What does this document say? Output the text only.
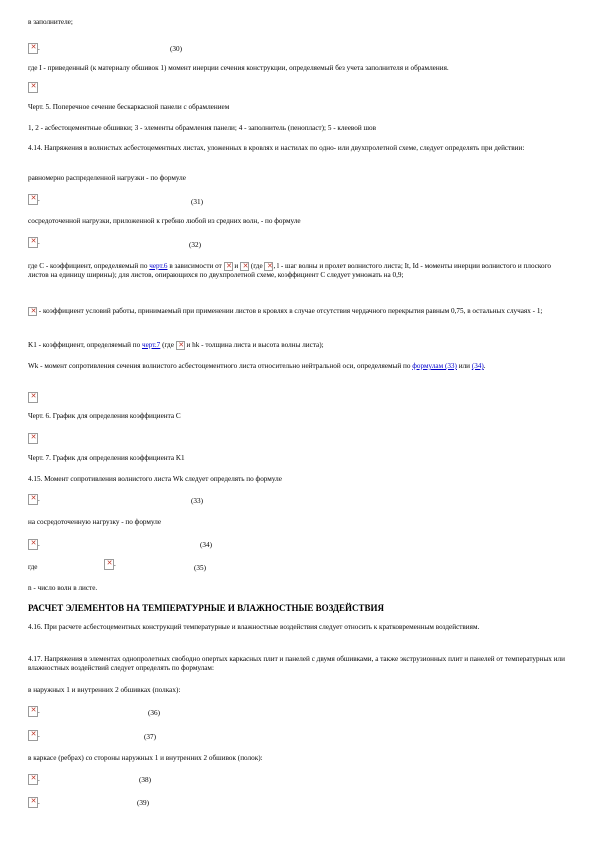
в заполнителе;
✕.	(30)
где I - приведенный (к материалу обшивок 1) момент инерции сечения конструкции, определяемый без учета заполнителя и обрамления.
✕
Черт. 5. Поперечное сечение бескаркасной панели с обрамлением
1, 2 - асбестоцементные обшивки; 3 - элементы обрамления панели; 4 - заполнитель (пенопласт); 5 - клеевой шов
4.14. Напряжения в волнистых асбестоцементных листах, уложенных в кровлях и настилах по одно- или двухпролетной схеме, следует определять при действии:
равномерно распределенной нагрузки - по формуле
✕.	(31)
сосредоточенной нагрузки, приложенной к гребню любой из средних волн, - по формуле
✕.	(32)
где C - коэффициент, определяемый по черт.6 в зависимости от ✕ и ✕ (где ✕, l - шаг волны и пролет волнистого листа; It, Id - моменты инерции волнистого и плоского листов на единицу ширины); для листов, опирающихся по двухпролетной схеме, коэффициент C следует умножать на 0,9;
✕ - коэффициент условий работы, принимаемый при применении листов в кровлях в случае отсутствия чердачного перекрытия равным 0,75, в остальных случаях - 1;
K1 - коэффициент, определяемый по черт.7 (где ✕ и hk - толщина листа и высота волны листа);
Wk - момент сопротивления сечения волнистого асбестоцементного листа относительно нейтральной оси, определяемый по формулам (33) или (34).
✕
Черт. 6. График для определения коэффициента C
✕
Черт. 7. График для определения коэффициента K1
4.15. Момент сопротивления волнистого листа Wk следует определять по формуле
✕.	(33)
на сосредоточенную нагрузку - по формуле
✕.	(34)
где
✕	.	(35)
n - число волн в листе.
РАСЧЕТ ЭЛЕМЕНТОВ НА ТЕМПЕРАТУРНЫЕ И ВЛАЖНОСТНЫЕ ВОЗДЕЙСТВИЯ
4.16. При расчете асбестоцементных конструкций температурные и влажностные воздействия следует относить к кратковременным воздействиям.
4.17. Напряжения в элементах однопролетных свободно опертых каркасных плит и панелей с двумя обшивками, а также экструзионных плит и панелей от температурных или влажностных воздействий следует определять по формулам:
в наружных 1 и внутренних 2 обшивках (полках):
✕.	(36)
✕.	(37)
в каркасе (ребрах) со стороны наружных 1 и внутренних 2 обшивок (полок):
✕.	(38)
✕.	(39)
